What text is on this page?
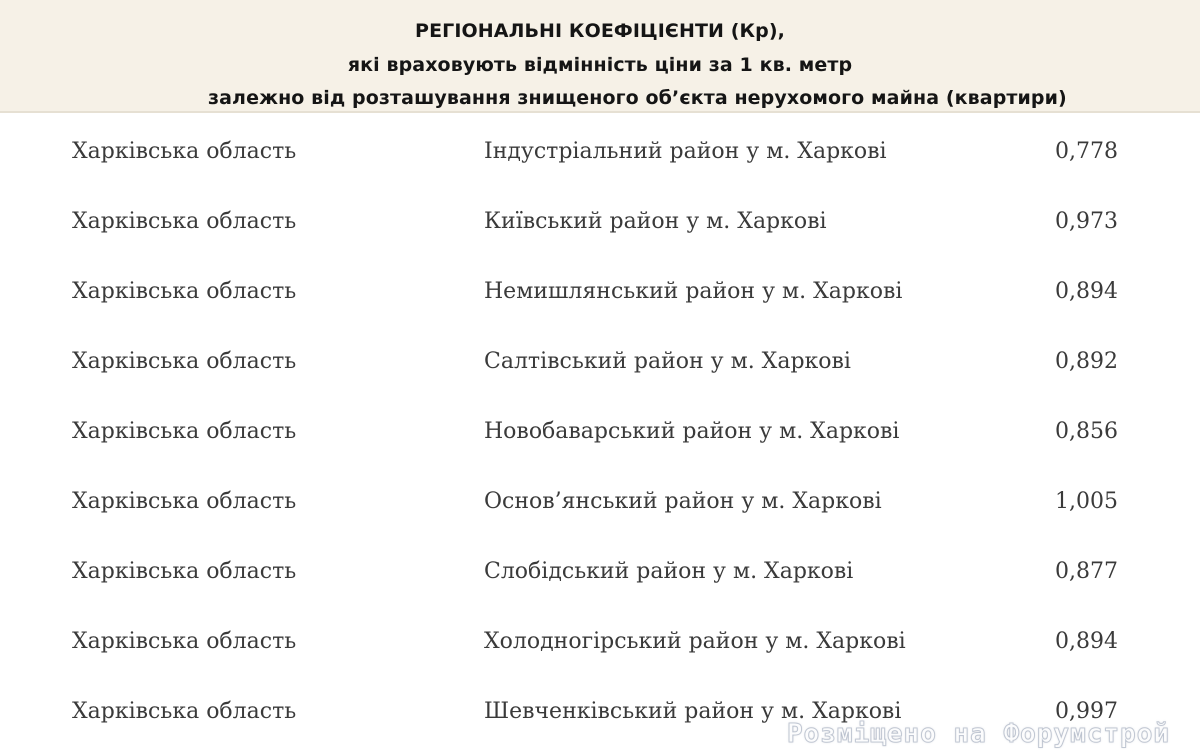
РЕГІОНАЛЬНІ КОЕФІЦІЄНТИ (Кр),
які враховують відмінність ціни за 1 кв. метр
залежно від розташування знищеного об’єкта нерухомого майна (квартири)
Харківська область	Індустріальний район у м. Харкові	0,778
Харківська область	Київський район у м. Харкові	0,973
Харківська область	Немишлянський район у м. Харкові	0,894
Харківська область	Салтівський район у м. Харкові	0,892
Харківська область	Новобаварський район у м. Харкові	0,856
Харківська область	Основ’янський район у м. Харкові	1,005
Харківська область	Слобідський район у м. Харкові	0,877
Харківська область	Холодногірський район у м. Харкові	0,894
Харківська область	Шевченківський район у м. Харкові	0,997
Розміщено на Форумстрой
